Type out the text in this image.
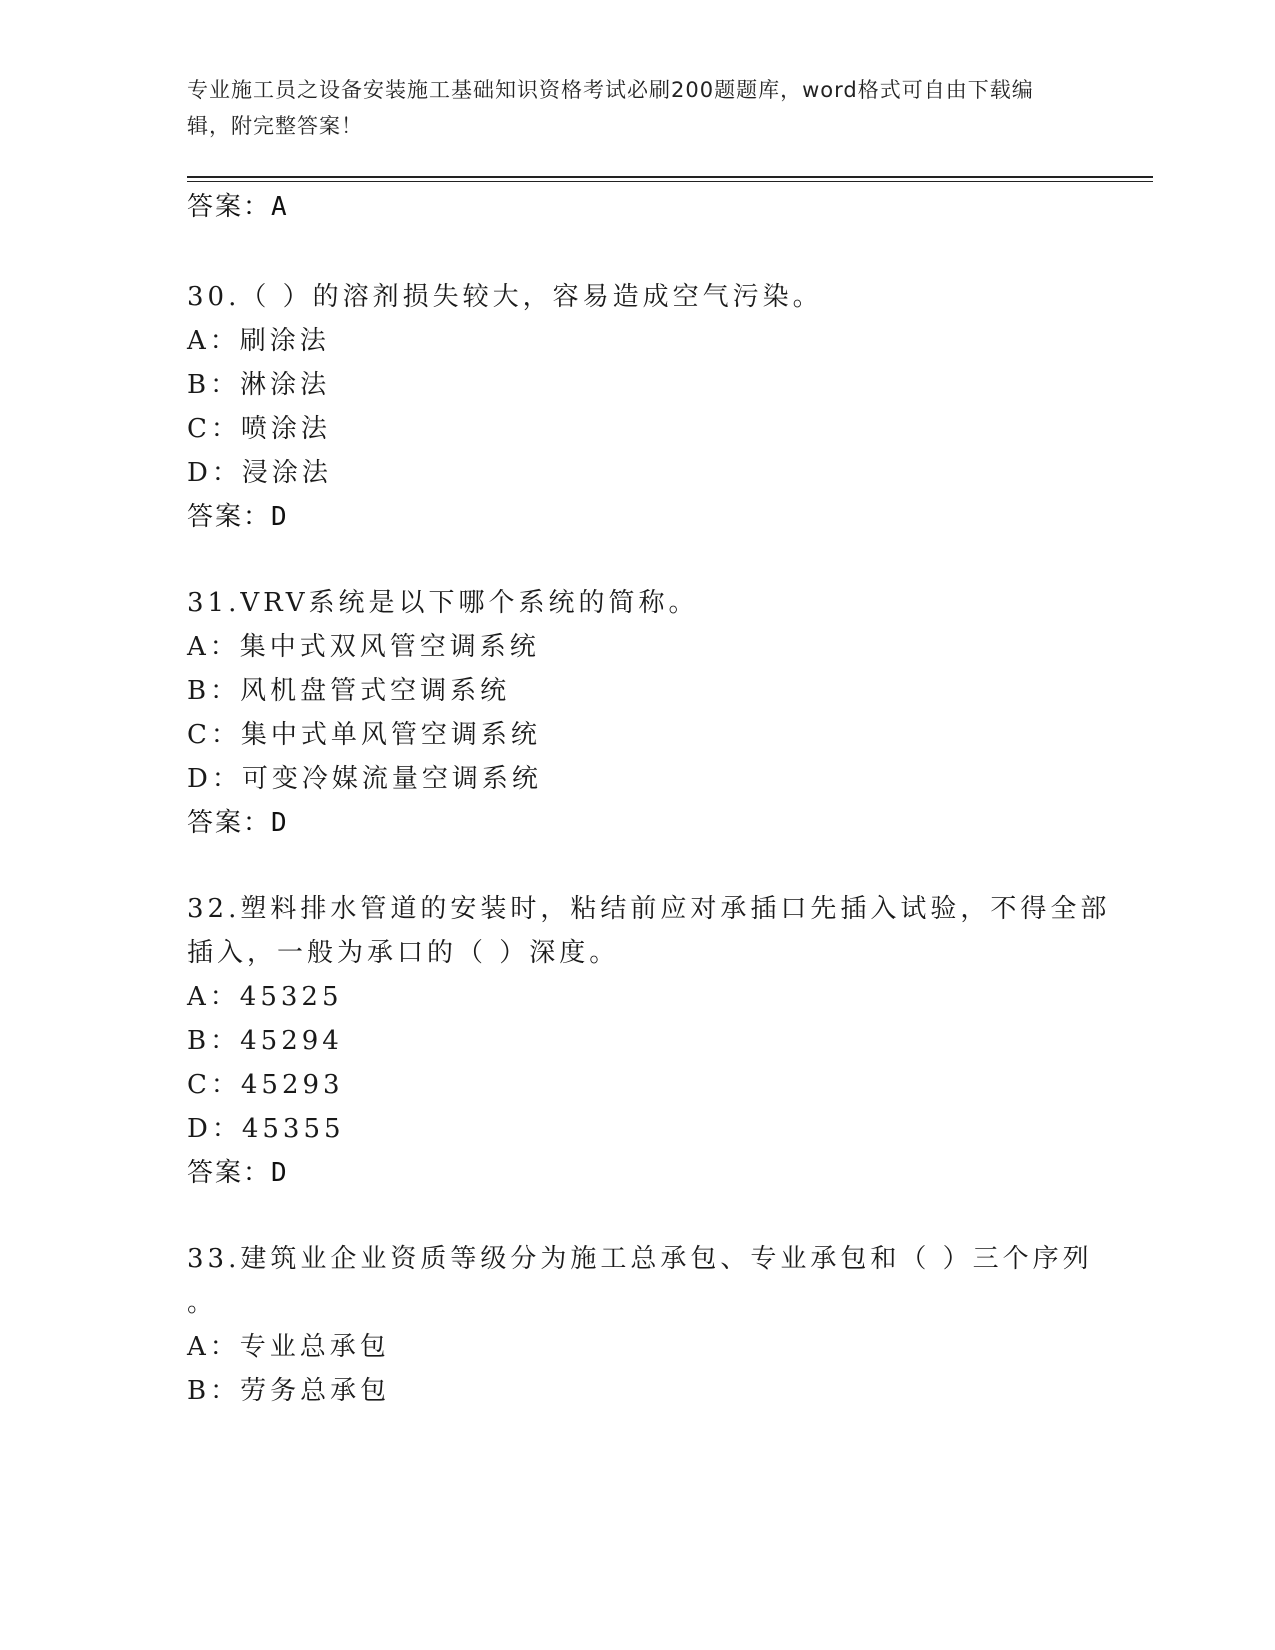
专业施工员之设备安装施工基础知识资格考试必刷200题题库，word格式可自由下载编辑，附完整答案！
答案：A
30.（ ）的溶剂损失较大，容易造成空气污染。
A：刷涂法
B：淋涂法
C：喷涂法
D：浸涂法
答案：D
31.VRV系统是以下哪个系统的简称。
A：集中式双风管空调系统
B：风机盘管式空调系统
C：集中式单风管空调系统
D：可变冷媒流量空调系统
答案：D
32.塑料排水管道的安装时，粘结前应对承插口先插入试验，不得全部
插入，一般为承口的（ ）深度。
A：45325
B：45294
C：45293
D：45355
答案：D
33.建筑业企业资质等级分为施工总承包、专业承包和（ ）三个序列
。
A：专业总承包
B：劳务总承包
